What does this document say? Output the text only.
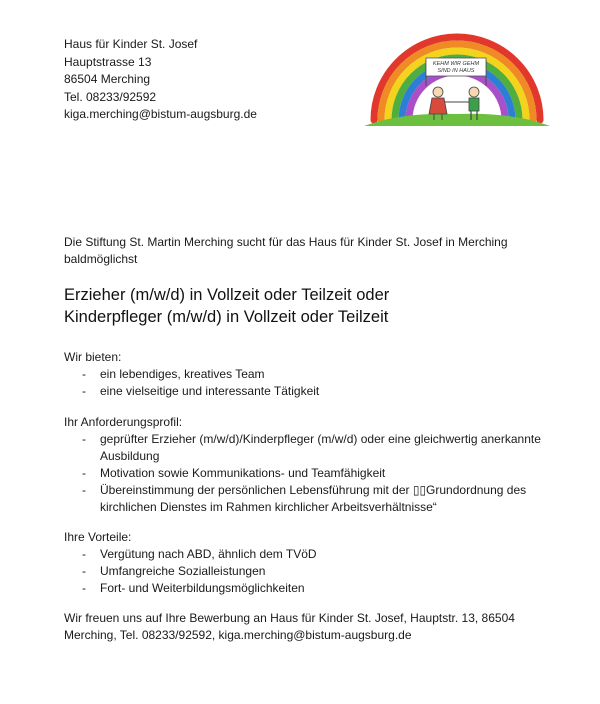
Haus für Kinder St. Josef
Hauptstrasse 13
86504 Merching
Tel. 08233/92592
kiga.merching@bistum-augsburg.de
KEHM WIR GEHM
SIND IN HAUS
Die Stiftung St. Martin Merching sucht für das Haus für Kinder St. Josef in Merching baldmöglichst
Erzieher (m/w/d) in Vollzeit oder Teilzeit oder
Kinderpfleger (m/w/d) in Vollzeit oder Teilzeit
Wir bieten:
- ein lebendiges, kreatives Team
- eine vielseitige und interessante Tätigkeit
Ihr Anforderungsprofil:
- geprüfter Erzieher (m/w/d)/Kinderpfleger (m/w/d) oder eine gleichwertig anerkannte Ausbildung
- Motivation sowie Kommunikations- und Teamfähigkeit
- Übereinstimmung der persönlichen Lebensführung mit der ▯▯Grundordnung des kirchlichen Dienstes im Rahmen kirchlicher Arbeitsverhältnisse“
Ihre Vorteile:
- Vergütung nach ABD, ähnlich dem TVöD
- Umfangreiche Sozialleistungen
- Fort- und Weiterbildungsmöglichkeiten
Wir freuen uns auf Ihre Bewerbung an Haus für Kinder St. Josef, Hauptstr. 13, 86504 Merching, Tel. 08233/92592, kiga.merching@bistum-augsburg.de
